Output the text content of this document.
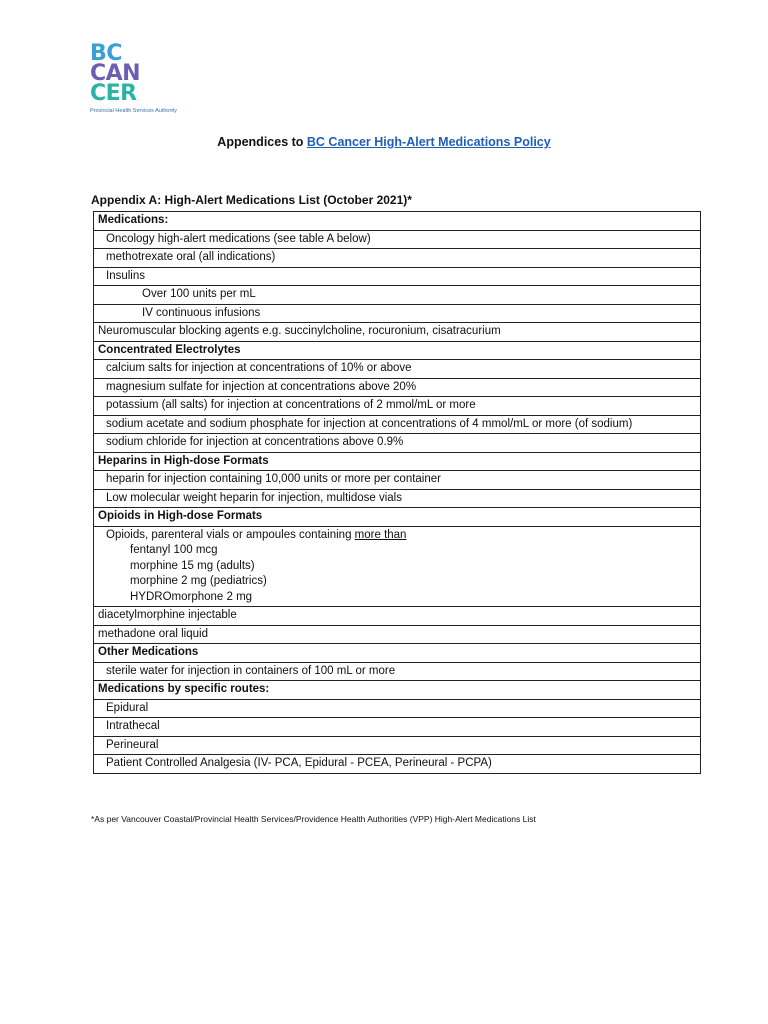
BC
CAN
CER
Provincial Health Services Authority
Appendices to BC Cancer High-Alert Medications Policy
Appendix A: High-Alert Medications List (October 2021)*
Medications:
Oncology high-alert medications (see table A below)
methotrexate oral (all indications)
Insulins
Over 100 units per mL
IV continuous infusions
Neuromuscular blocking agents e.g. succinylcholine, rocuronium, cisatracurium
Concentrated Electrolytes
calcium salts for injection at concentrations of 10% or above
magnesium sulfate for injection at concentrations above 20%
potassium (all salts) for injection at concentrations of 2 mmol/mL or more
sodium acetate and sodium phosphate for injection at concentrations of 4 mmol/mL or more (of sodium)
sodium chloride for injection at concentrations above 0.9%
Heparins in High-dose Formats
heparin for injection containing 10,000 units or more per container
Low molecular weight heparin for injection, multidose vials
Opioids in High-dose Formats
Opioids, parenteral vials or ampoules containing more than
fentanyl 100 mcg
morphine 15 mg (adults)
morphine 2 mg (pediatrics)
HYDROmorphone 2 mg

diacetylmorphine injectable
methadone oral liquid
Other Medications
sterile water for injection in containers of 100 mL or more
Medications by specific routes:
Epidural
Intrathecal
Perineural
Patient Controlled Analgesia (IV- PCA, Epidural - PCEA, Perineural - PCPA)
*As per Vancouver Coastal/Provincial Health Services/Providence Health Authorities (VPP) High-Alert Medications List
